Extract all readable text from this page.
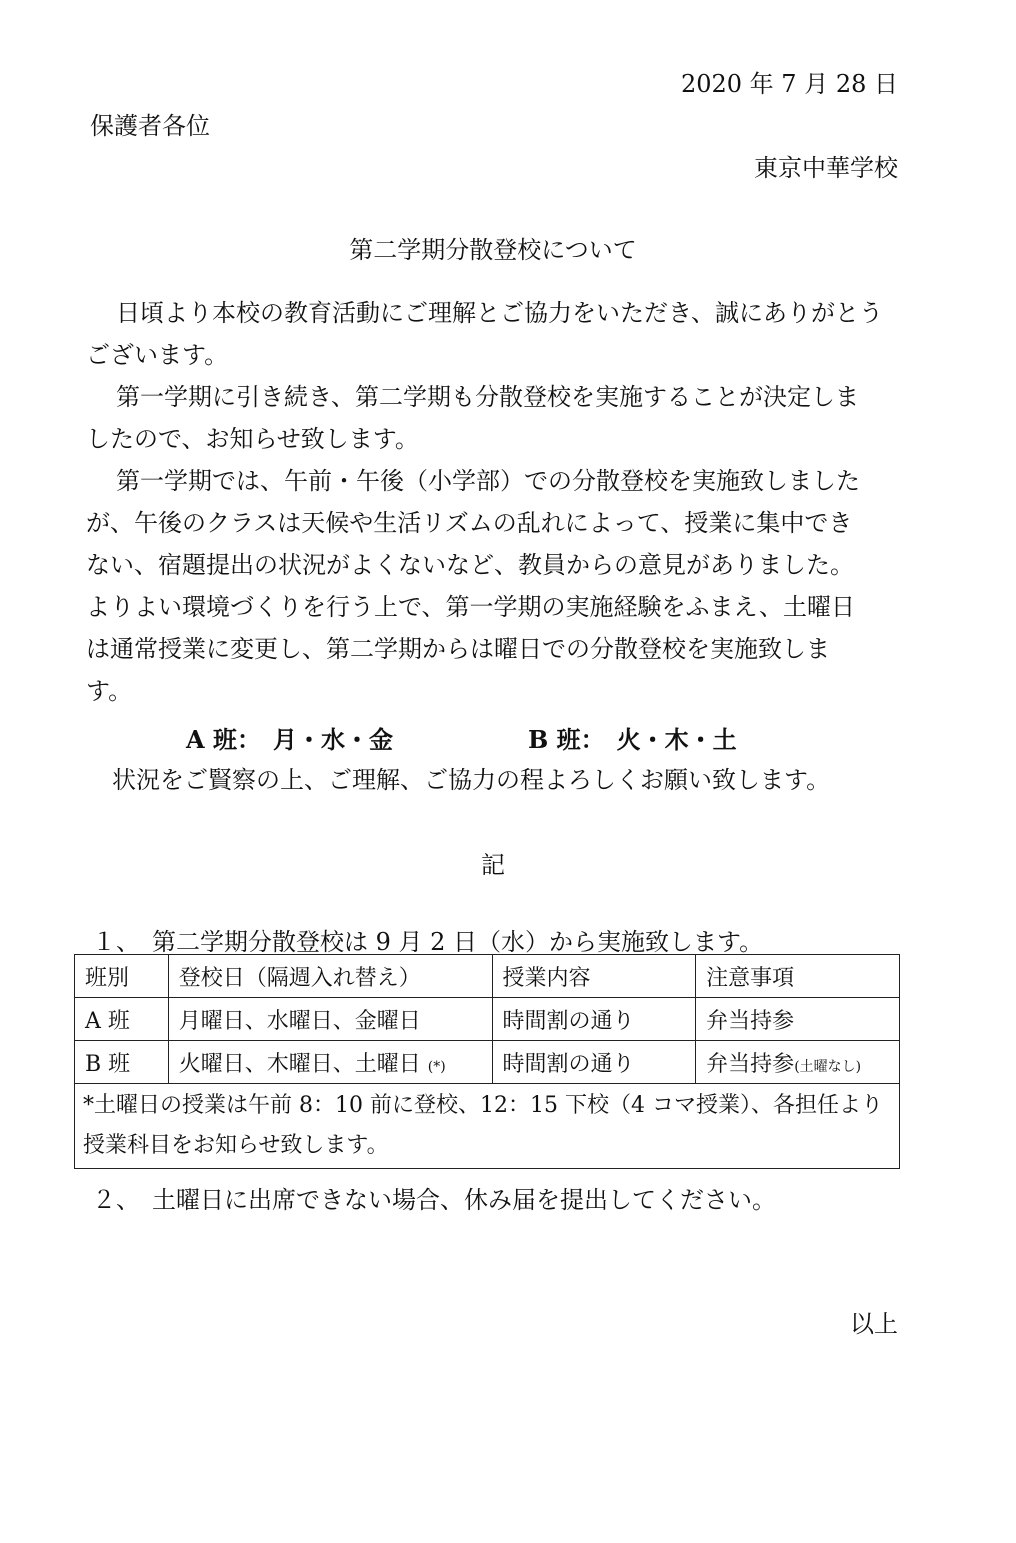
2020 年 7 月 28 日
保護者各位
東京中華学校
第二学期分散登校について

日頃より本校の教育活動にご理解とご協力をいただき、誠にありがとう

ございます。

第一学期に引き続き、第二学期も分散登校を実施することが決定しま

したので、お知らせ致します。

第一学期では、午前・午後（小学部）での分散登校を実施致しました

が、午後のクラスは天候や生活リズムの乱れによって、授業に集中でき

ない、宿題提出の状況がよくないなど、教員からの意見がありました。

よりよい環境づくりを行う上で、第一学期の実施経験をふまえ、土曜日

は通常授業に変更し、第二学期からは曜日での分散登校を実施致しま

す。

A 班：　月・水・金	B 班：　火・木・土
状況をご賢察の上、ご理解、ご協力の程よろしくお願い致します。
記
１、　第二学期分散登校は 9 月 2 日（水）から実施致します。
班別	登校日（隔週入れ替え）	授業内容	注意事項
A 班	月曜日、水曜日、金曜日	時間割の通り	弁当持参
B 班	火曜日、木曜日、土曜日 (*)	時間割の通り	弁当持参(土曜なし)
*土曜日の授業は午前 8：10 前に登校、12：15 下校（4 コマ授業）、各担任より授業科目をお知らせ致します。			
２、　土曜日に出席できない場合、休み届を提出してください。
以上
